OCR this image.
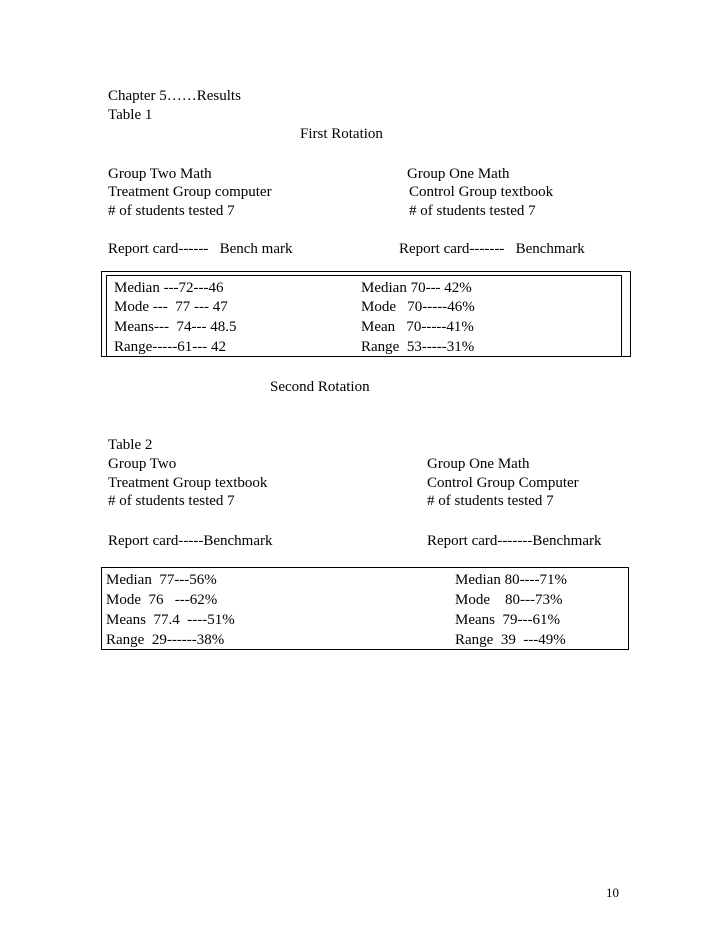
Chapter 5……Results
Table 1
First Rotation
Group Two Math
Treatment Group computer
# of students tested 7
Group One Math
Control Group textbook
# of students tested 7
Report card------   Bench mark	Report card-------   Benchmark
Median ---72---46
Mode ---  77 --- 47
Means---  74--- 48.5
Range-----61--- 42
Median 70--- 42%
Mode   70-----46%
Mean   70-----41%
Range  53-----31%
Second Rotation
Table 2
Group Two
Treatment Group textbook
# of students tested 7
Group One Math
Control Group Computer
# of students tested 7
Report card-----Benchmark	Report card-------Benchmark
Median  77---56%
Mode  76   ---62%
Means  77.4  ----51%
Range  29------38%
Median 80----71%
Mode    80---73%
Means  79---61%
Range  39  ---49%
10
